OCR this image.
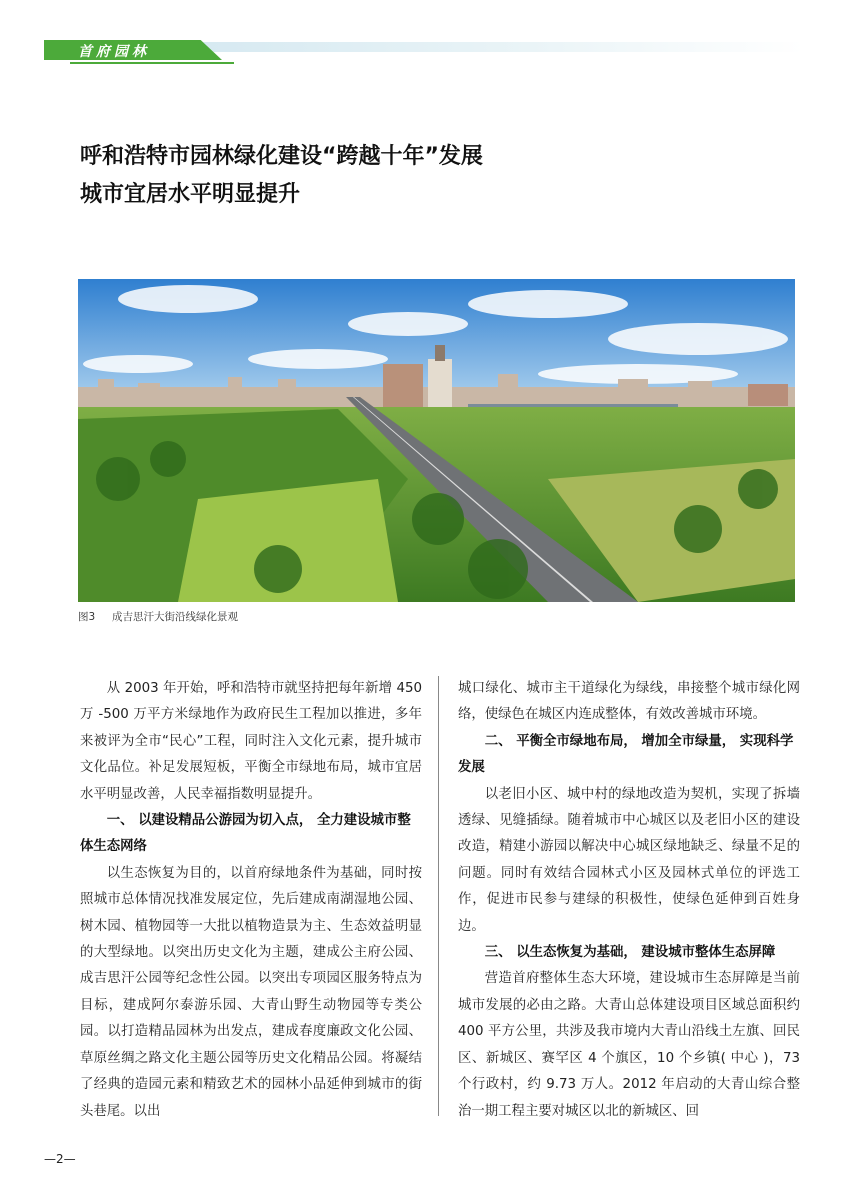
首府园林
呼和浩特市园林绿化建设“跨越十年”发展
城市宜居水平明显提升
图3 成吉思汗大街沿线绿化景观

从 2003 年开始，呼和浩特市就坚持把每年新增 450 万 -500 万平方米绿地作为政府民生工程加以推进，多年来被评为全市“民心”工程，同时注入文化元素，提升城市文化品位。补足发展短板，平衡全市绿地布局，城市宜居水平明显改善，人民幸福指数明显提升。

一、 以建设精品公游园为切入点， 全力建设城市整体生态网络

以生态恢复为目的，以首府绿地条件为基础，同时按照城市总体情况找准发展定位，先后建成南湖湿地公园、树木园、植物园等一大批以植物造景为主、生态效益明显的大型绿地。以突出历史文化为主题，建成公主府公园、成吉思汗公园等纪念性公园。以突出专项园区服务特点为目标，建成阿尔泰游乐园、大青山野生动物园等专类公园。以打造精品园林为出发点，建成春度廉政文化公园、草原丝绸之路文化主题公园等历史文化精品公园。将凝结了经典的造园元素和精致艺术的园林小品延伸到城市的街头巷尾。以出

城口绿化、城市主干道绿化为绿线，串接整个城市绿化网络，使绿色在城区内连成整体，有效改善城市环境。

二、 平衡全市绿地布局， 增加全市绿量， 实现科学发展

以老旧小区、城中村的绿地改造为契机，实现了拆墙透绿、见缝插绿。随着城市中心城区以及老旧小区的建设改造，精建小游园以解决中心城区绿地缺乏、绿量不足的问题。同时有效结合园林式小区及园林式单位的评选工作，促进市民参与建绿的积极性，使绿色延伸到百姓身边。

三、 以生态恢复为基础， 建设城市整体生态屏障

营造首府整体生态大环境，建设城市生态屏障是当前城市发展的必由之路。大青山总体建设项目区域总面积约 400 平方公里，共涉及我市境内大青山沿线土左旗、回民区、新城区、赛罕区 4 个旗区，10 个乡镇( 中心 )，73 个行政村，约 9.73 万人。2012 年启动的大青山综合整治一期工程主要对城区以北的新城区、回

—2—
